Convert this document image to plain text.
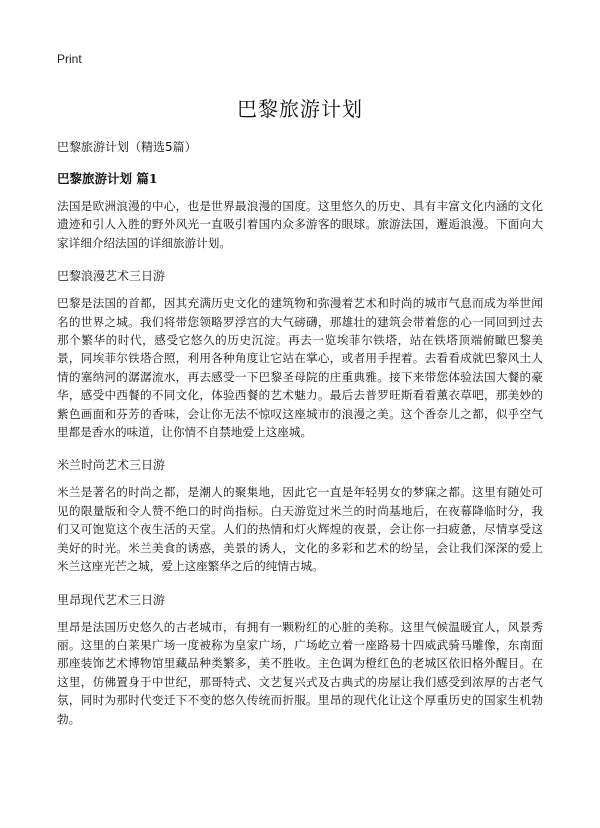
Print
巴黎旅游计划
巴黎旅游计划（精选5篇）
巴黎旅游计划 篇1

法国是欧洲浪漫的中心，也是世界最浪漫的国度。这里悠久的历史、具有丰富文化内涵的文化遗迹和引人入胜的野外风光一直吸引着国内众多游客的眼球。旅游法国，邂逅浪漫。下面向大家详细介绍法国的详细旅游计划。

巴黎浪漫艺术三日游

巴黎是法国的首都，因其充满历史文化的建筑物和弥漫着艺术和时尚的城市气息而成为举世闻名的世界之城。我们将带您领略罗浮宫的大气磅礴，那雄壮的建筑会带着您的心一同回到过去那个繁华的时代，感受它悠久的历史沉淀。再去一览埃菲尔铁塔，站在铁塔顶端俯瞰巴黎美景，同埃菲尔铁塔合照，利用各种角度让它站在掌心，或者用手捏着。去看看成就巴黎风土人情的塞纳河的潺潺流水，再去感受一下巴黎圣母院的庄重典雅。接下来带您体验法国大餐的豪华，感受中西餐的不同文化，体验西餐的艺术魅力。最后去普罗旺斯看看薰衣草吧，那美妙的紫色画面和芬芳的香味，会让你无法不惊叹这座城市的浪漫之美。这个香奈儿之都，似乎空气里都是香水的味道，让你情不自禁地爱上这座城。

米兰时尚艺术三日游

米兰是著名的时尚之都，是潮人的聚集地，因此它一直是年轻男女的梦寐之都。这里有随处可见的限量版和令人赞不绝口的时尚指标。白天游览过米兰的时尚基地后，在夜幕降临时分，我们又可饱览这个夜生活的天堂。人们的热情和灯火辉煌的夜景，会让你一扫疲惫，尽情享受这美好的时光。米兰美食的诱惑，美景的诱人，文化的多彩和艺术的纷呈，会让我们深深的爱上米兰这座光芒之城，爱上这座繁华之后的纯情古城。

里昂现代艺术三日游

里昂是法国历史悠久的古老城市，有拥有一颗粉红的心脏的美称。这里气候温暖宜人，风景秀丽。这里的白莱果广场一度被称为皇家广场，广场屹立着一座路易十四威武骑马雕像，东南面那座装饰艺术博物馆里藏品种类繁多，美不胜收。主色调为橙红色的老城区依旧格外醒目。在这里，仿佛置身于中世纪，那哥特式、文艺复兴式及古典式的房屋让我们感受到浓厚的古老气氛，同时为那时代变迁下不变的悠久传统而折服。里昂的现代化让这个厚重历史的国家生机勃勃。
